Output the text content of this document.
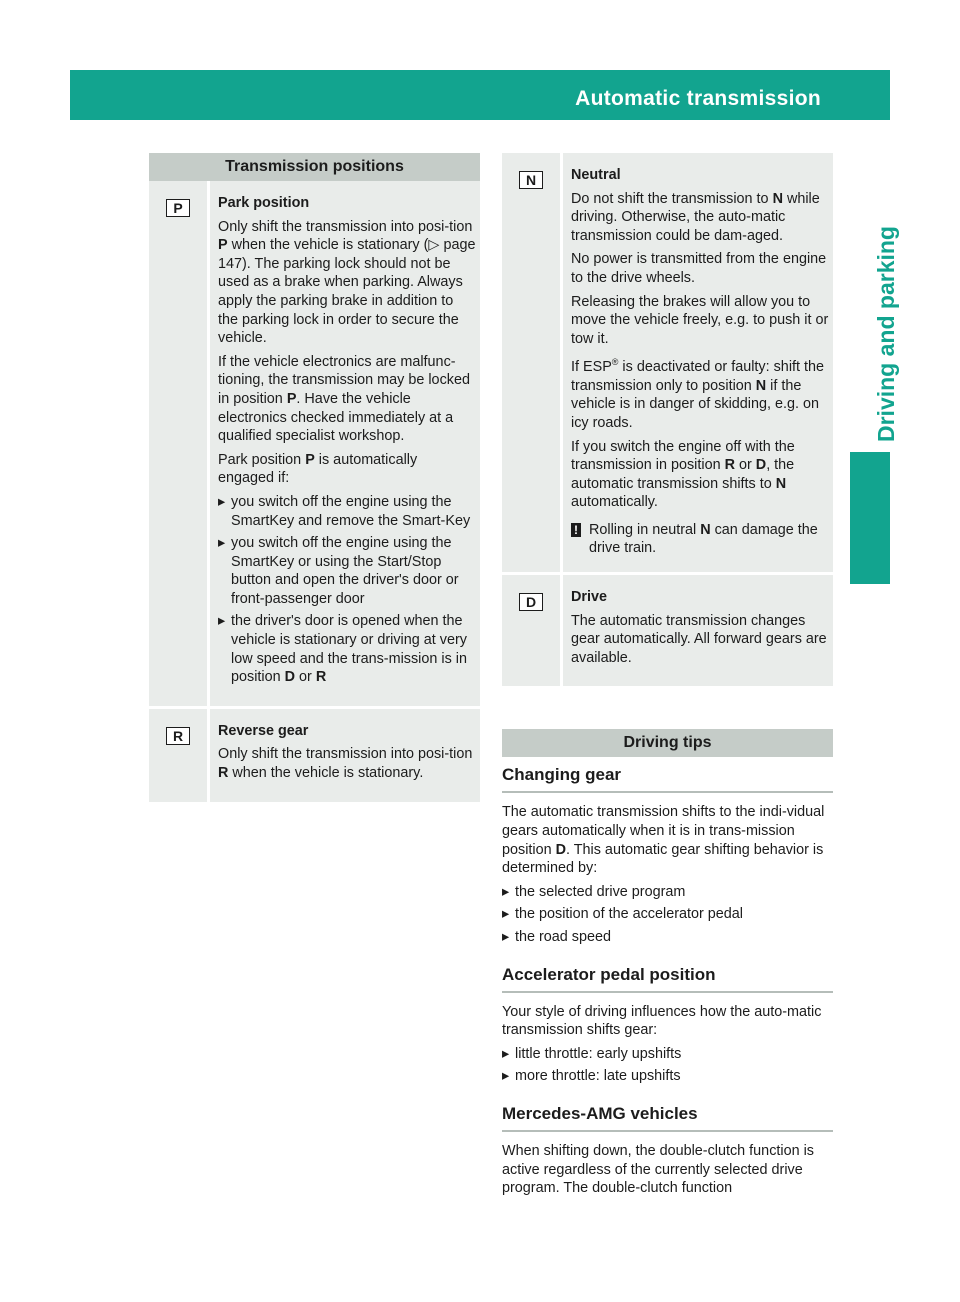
Automatic transmission	137
Driving and parking
Transmission positions
P	Park position

Only shift the transmission into posi-tion P when the vehicle is stationary (▷ page 147). The parking lock should not be used as a brake when parking. Always apply the parking brake in addition to the parking lock in order to secure the vehicle.

If the vehicle electronics are malfunc-tioning, the transmission may be locked in position P. Have the vehicle electronics checked immediately at a qualified specialist workshop.

Park position P is automatically engaged if:

▸ you switch off the engine using the SmartKey and remove the Smart-Key
▸ you switch off the engine using the SmartKey or using the Start/Stop button and open the driver's door or front-passenger door
▸ the driver's door is opened when the vehicle is stationary or driving at very low speed and the trans-mission is in position D or R
R	Reverse gear

Only shift the transmission into posi-tion R when the vehicle is stationary.

N	Neutral

Do not shift the transmission to N while driving. Otherwise, the auto-matic transmission could be dam-aged.

No power is transmitted from the engine to the drive wheels.

Releasing the brakes will allow you to move the vehicle freely, e.g. to push it or tow it.

If ESP® is deactivated or faulty: shift the transmission only to position N if the vehicle is in danger of skidding, e.g. on icy roads.

If you switch the engine off with the transmission in position R or D, the automatic transmission shifts to N automatically.

! Rolling in neutral N can damage the drive train.
D	Drive

The automatic transmission changes gear automatically. All forward gears are available.

Driving tips
Changing gear

The automatic transmission shifts to the indi-vidual gears automatically when it is in trans-mission position D. This automatic gear shifting behavior is determined by:

▸ the selected drive program
▸ the position of the accelerator pedal
▸ the road speed
Accelerator pedal position

Your style of driving influences how the auto-matic transmission shifts gear:

▸ little throttle: early upshifts
▸ more throttle: late upshifts
Mercedes-AMG vehicles

When shifting down, the double-clutch function is active regardless of the currently selected drive program. The double-clutch function
